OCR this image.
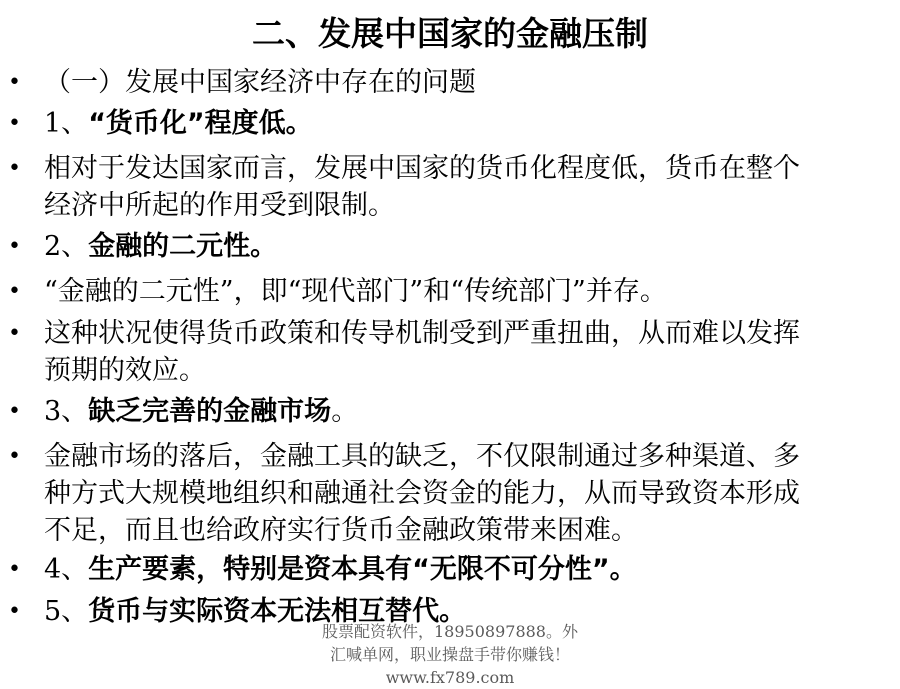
二、发展中国家的金融压制
• （一）发展中国家经济中存在的问题
• 1、“货币化”程度低。
• 相对于发达国家而言，发展中国家的货币化程度低，货币在整个
经济中所起的作用受到限制。
• 2、金融的二元性。
• “金融的二元性”，即“现代部门”和“传统部门”并存。
• 这种状况使得货币政策和传导机制受到严重扭曲，从而难以发挥
预期的效应。
• 3、缺乏完善的金融市场。
• 金融市场的落后，金融工具的缺乏，不仅限制通过多种渠道、多
种方式大规模地组织和融通社会资金的能力，从而导致资本形成
不足，而且也给政府实行货币金融政策带来困难。
• 4、生产要素，特别是资本具有“无限不可分性”。
• 5、货币与实际资本无法相互替代。
股票配资软件，18950897888。外
汇喊单网，职业操盘手带你赚钱！
www.fx789.com
